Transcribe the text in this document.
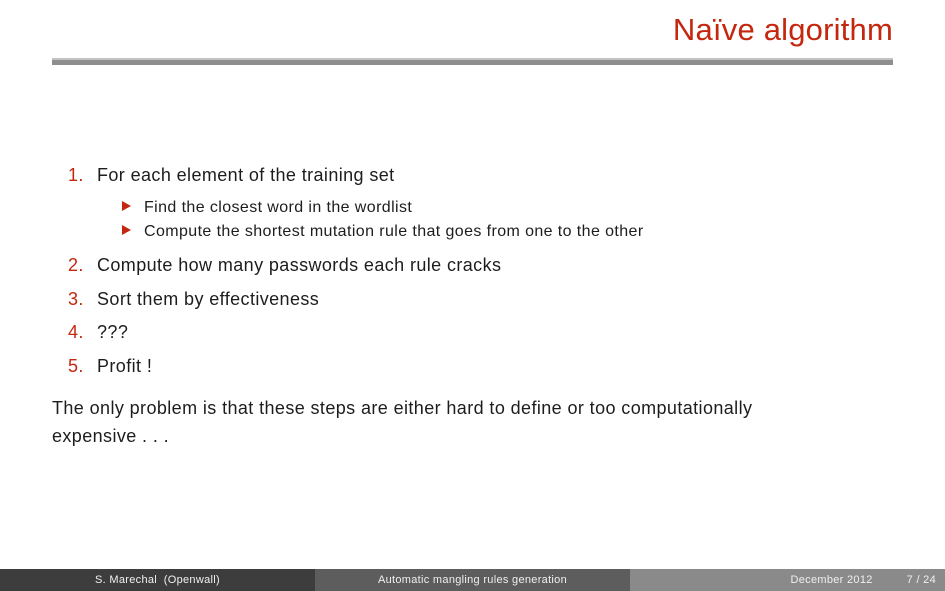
Naïve algorithm
1. For each element of the training set
Find the closest word in the wordlist
Compute the shortest mutation rule that goes from one to the other
2. Compute how many passwords each rule cracks
3. Sort them by effectiveness
4. ???
5. Profit !
The only problem is that these steps are either hard to define or too computationally
expensive . . .
S. Marechal  (Openwall)	Automatic mangling rules generation	December 2012	7 / 24
